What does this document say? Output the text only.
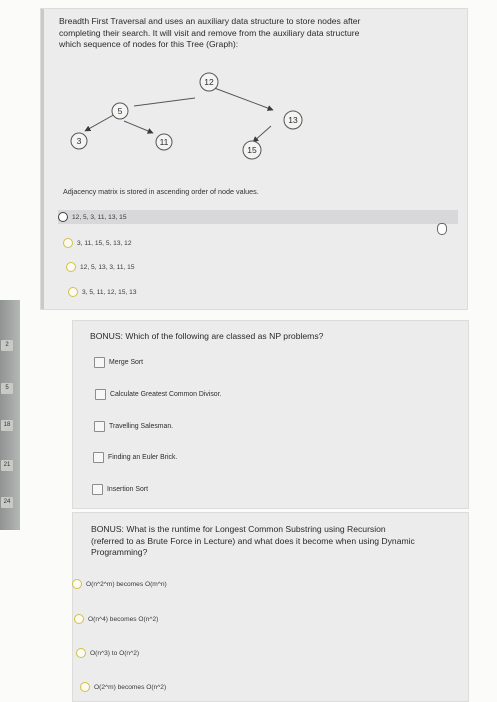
2
5
18
21
24
Breadth First Traversal and uses an auxiliary data structure to store nodes after
completing their search. It will visit and remove from the auxiliary data structure
which sequence of nodes for this Tree (Graph):
12
5
13
3	11
15
Adjacency matrix is stored in ascending order of node values.
12, 5, 3, 11, 13, 15
3, 11, 15, 5, 13, 12
12, 5, 13, 3, 11, 15
3, 5, 11, 12, 15, 13
BONUS: Which of the following are classed as NP problems?
Merge Sort
Calculate Greatest Common Divisor.
Travelling Salesman.
Finding an Euler Brick.
Insertion Sort
BONUS: What is the runtime for Longest Common Substring using Recursion
(referred to as Brute Force in Lecture) and what does it become when using Dynamic
Programming?
O(n^2^m) becomes O(m^n)
O(n^4) becomes O(n^2)
O(n^3) to O(n^2)
O(2^m) becomes O(n^2)
